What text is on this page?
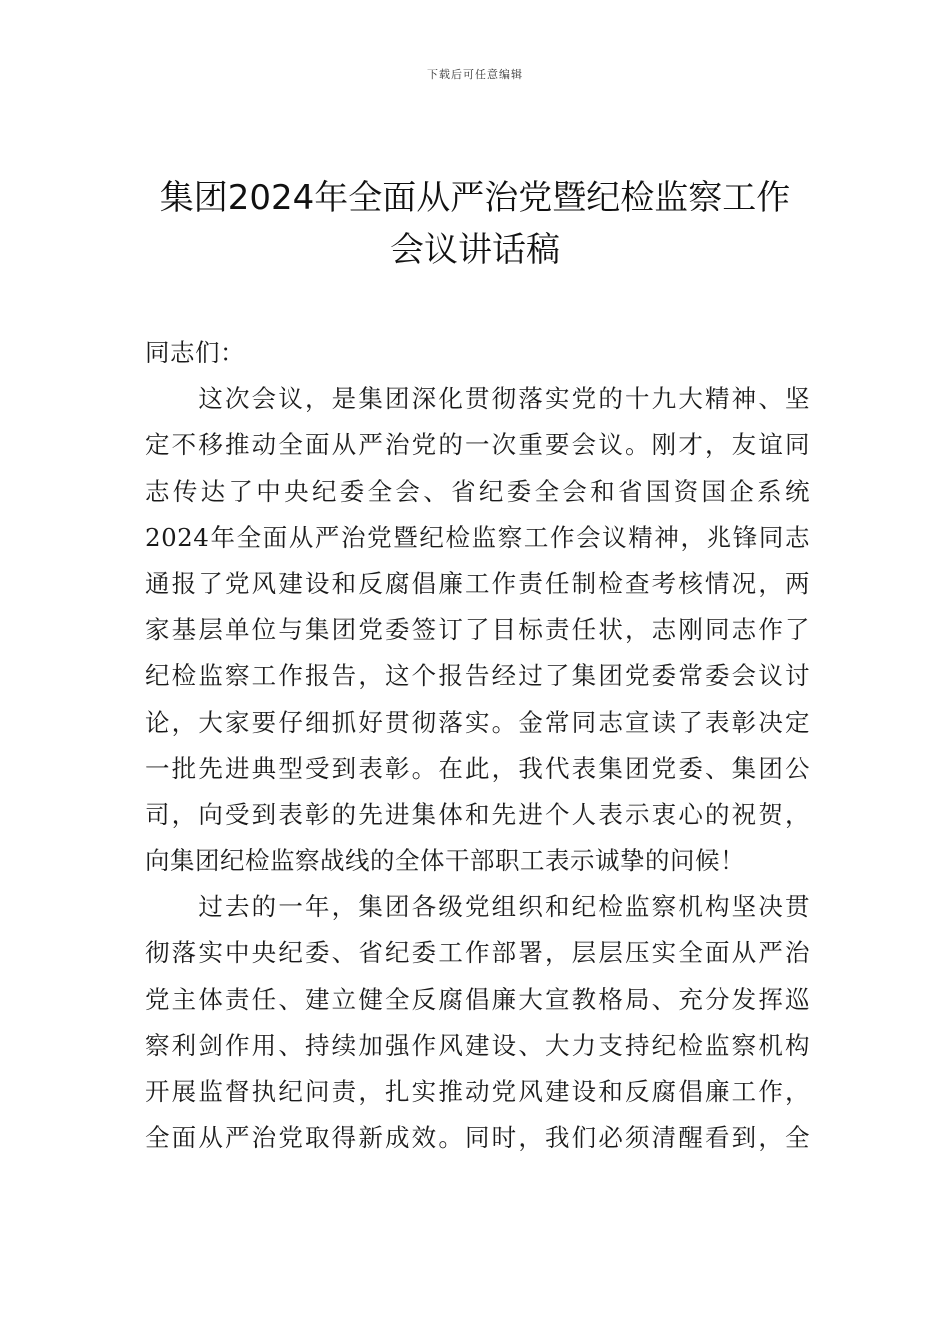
下载后可任意编辑
集团2024年全面从严治党暨纪检监察工作
会议讲话稿
同志们：
　　这次会议，是集团深化贯彻落实党的十九大精神、坚
定不移推动全面从严治党的一次重要会议。刚才，友谊同
志传达了中央纪委全会、省纪委全会和省国资国企系统
2024年全面从严治党暨纪检监察工作会议精神，兆锋同志
通报了党风建设和反腐倡廉工作责任制检查考核情况，两
家基层单位与集团党委签订了目标责任状，志刚同志作了
纪检监察工作报告，这个报告经过了集团党委常委会议讨
论，大家要仔细抓好贯彻落实。金常同志宣读了表彰决定
一批先进典型受到表彰。在此，我代表集团党委、集团公
司，向受到表彰的先进集体和先进个人表示衷心的祝贺，
向集团纪检监察战线的全体干部职工表示诚挚的问候！
　　过去的一年，集团各级党组织和纪检监察机构坚决贯
彻落实中央纪委、省纪委工作部署，层层压实全面从严治
党主体责任、建立健全反腐倡廉大宣教格局、充分发挥巡
察利剑作用、持续加强作风建设、大力支持纪检监察机构
开展监督执纪问责，扎实推动党风建设和反腐倡廉工作，
全面从严治党取得新成效。同时，我们必须清醒看到，全
